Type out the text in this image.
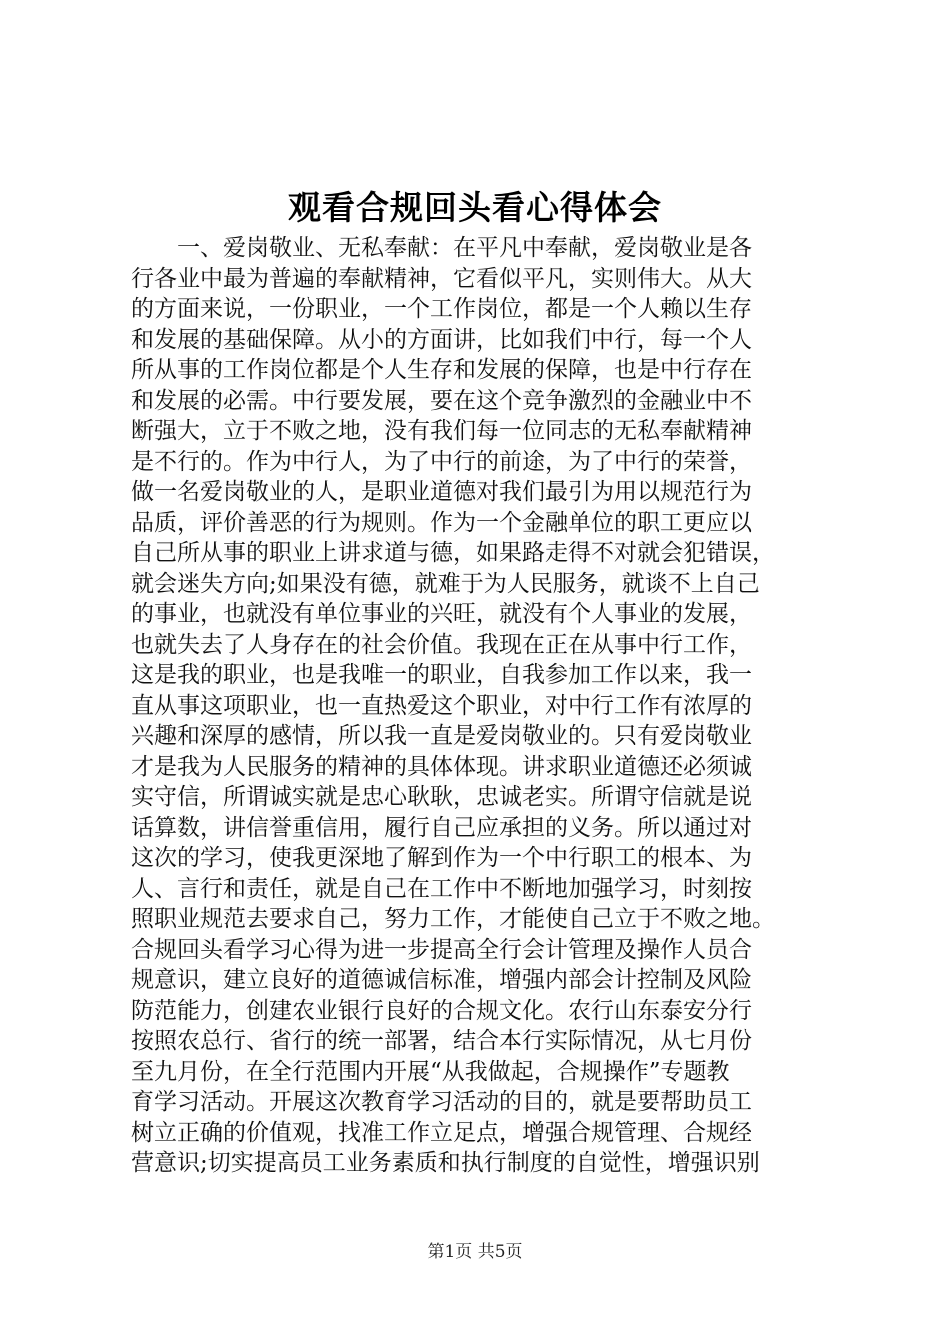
观看合规回头看心得体会
一、爱岗敬业、无私奉献：在平凡中奉献，爱岗敬业是各
行各业中最为普遍的奉献精神，它看似平凡，实则伟大。从大
的方面来说，一份职业，一个工作岗位，都是一个人赖以生存
和发展的基础保障。从小的方面讲，比如我们中行，每一个人
所从事的工作岗位都是个人生存和发展的保障，也是中行存在
和发展的必需。中行要发展，要在这个竞争激烈的金融业中不
断强大，立于不败之地，没有我们每一位同志的无私奉献精神
是不行的。作为中行人，为了中行的前途，为了中行的荣誉，
做一名爱岗敬业的人，是职业道德对我们最引为用以规范行为
品质，评价善恶的行为规则。作为一个金融单位的职工更应以
自己所从事的职业上讲求道与德，如果路走得不对就会犯错误，
就会迷失方向;如果没有德，就难于为人民服务，就谈不上自己
的事业，也就没有单位事业的兴旺，就没有个人事业的发展，
也就失去了人身存在的社会价值。我现在正在从事中行工作，
这是我的职业，也是我唯一的职业，自我参加工作以来，我一
直从事这项职业，也一直热爱这个职业，对中行工作有浓厚的
兴趣和深厚的感情，所以我一直是爱岗敬业的。只有爱岗敬业
才是我为人民服务的精神的具体体现。讲求职业道德还必须诚
实守信，所谓诚实就是忠心耿耿，忠诚老实。所谓守信就是说
话算数，讲信誉重信用，履行自己应承担的义务。所以通过对
这次的学习，使我更深地了解到作为一个中行职工的根本、为
人、言行和责任，就是自己在工作中不断地加强学习，时刻按
照职业规范去要求自己，努力工作，才能使自己立于不败之地。
合规回头看学习心得为进一步提高全行会计管理及操作人员合
规意识，建立良好的道德诚信标准，增强内部会计控制及风险
防范能力，创建农业银行良好的合规文化。农行山东泰安分行
按照农总行、省行的统一部署，结合本行实际情况，从七月份
至九月份，在全行范围内开展“从我做起，合规操作”专题教
育学习活动。开展这次教育学习活动的目的，就是要帮助员工
树立正确的价值观，找准工作立足点，增强合规管理、合规经
营意识;切实提高员工业务素质和执行制度的自觉性，增强识别
第1页 共5页
